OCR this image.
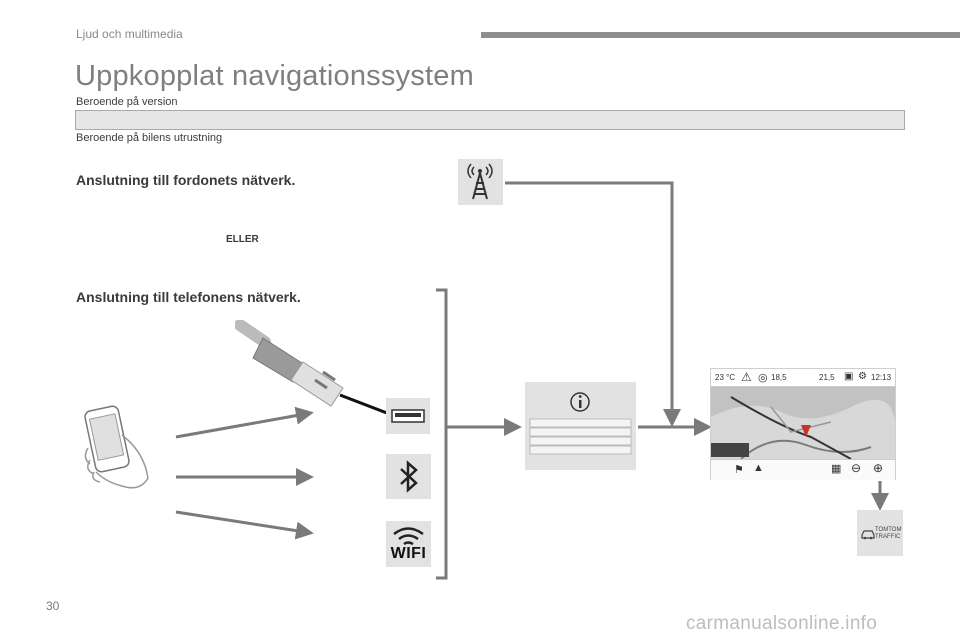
Ljud och multimedia
Uppkopplat navigationssystem
Beroende på version
Beroende på bilens utrustning
Anslutning till fordonets nätverk.
ELLER
Anslutning till telefonens nätverk.
WIFI
23 °C ⚠ ◎ 18,5	21,5 ▣ ⚙ 12:13
⚑ ▲	▦ ⊖ ⊕
TOMTOM
TRAFFIC
30
carmanualsonline.info
